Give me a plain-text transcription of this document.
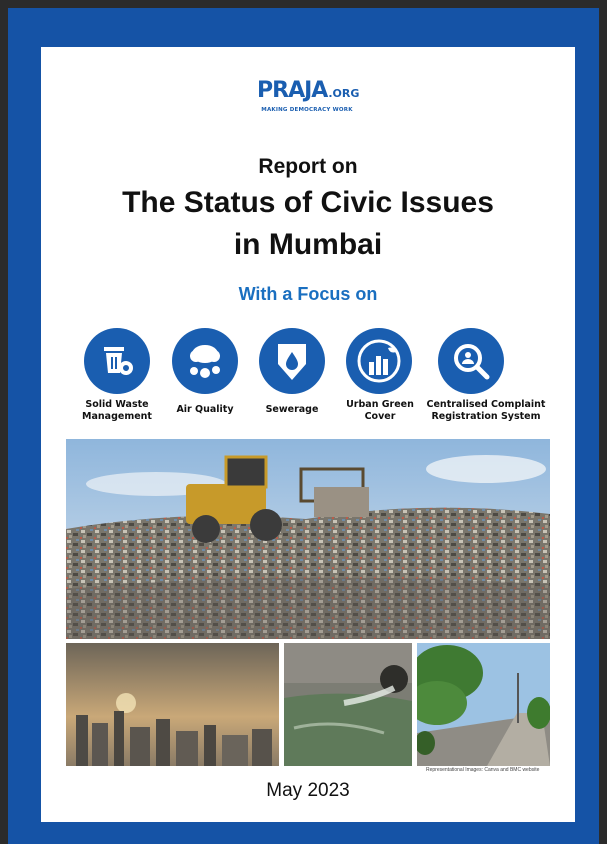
PRAJA.ORG
MAKING DEMOCRACY WORK
Report on
The Status of Civic Issues
in Mumbai
With a Focus on
Solid Waste
Management
Air Quality	Sewerage	Urban Green
Cover
Centralised Complaint
Registration System
Representational Images: Canva and BMC website
May 2023
